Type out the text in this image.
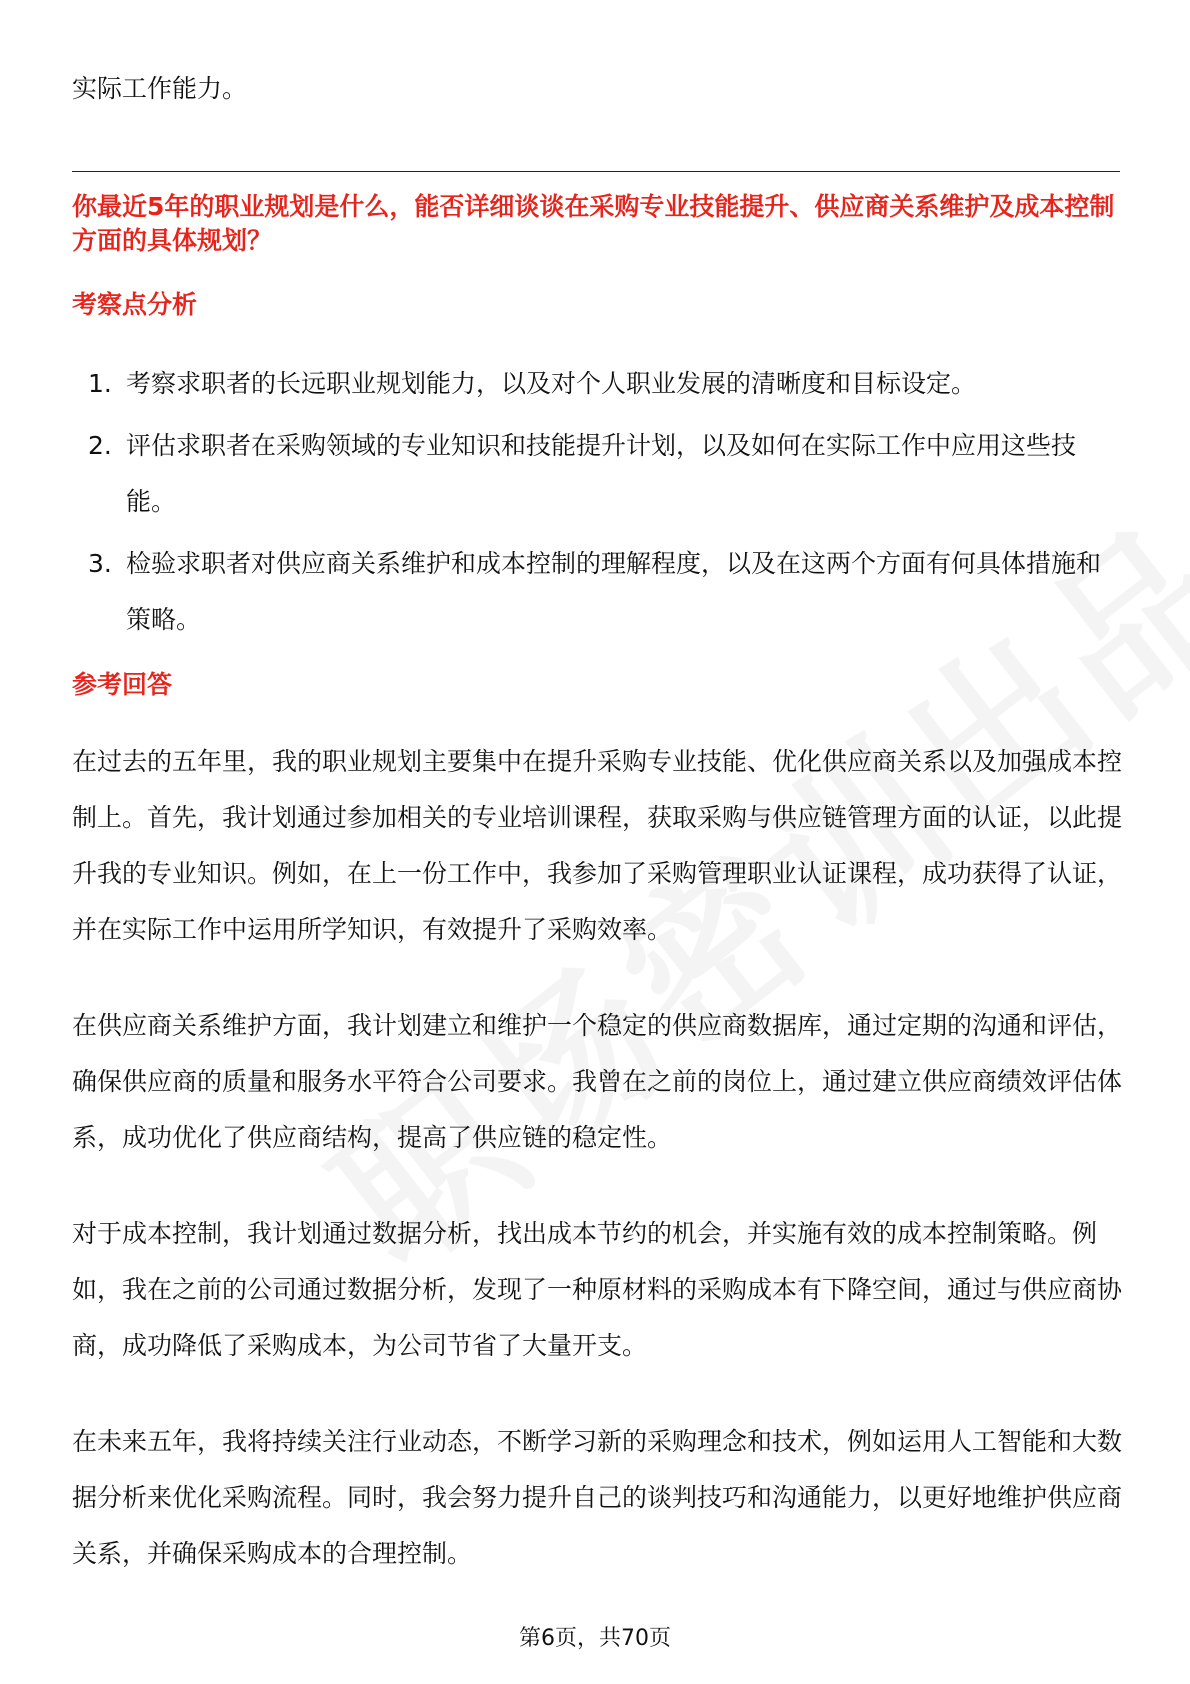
实际工作能力。

你最近5年的职业规划是什么，能否详细谈谈在采购专业技能提升、供应商关系维护及成本控制方面的具体规划？
考察点分析
1. 考察求职者的长远职业规划能力，以及对个人职业发展的清晰度和目标设定。
2. 评估求职者在采购领域的专业知识和技能提升计划，以及如何在实际工作中应用这些技能。
3. 检验求职者对供应商关系维护和成本控制的理解程度，以及在这两个方面有何具体措施和策略。
参考回答

在过去的五年里，我的职业规划主要集中在提升采购专业技能、优化供应商关系以及加强成本控制上。首先，我计划通过参加相关的专业培训课程，获取采购与供应链管理方面的认证，以此提升我的专业知识。例如，在上一份工作中，我参加了采购管理职业认证课程，成功获得了认证，并在实际工作中运用所学知识，有效提升了采购效率。

在供应商关系维护方面，我计划建立和维护一个稳定的供应商数据库，通过定期的沟通和评估，确保供应商的质量和服务水平符合公司要求。我曾在之前的岗位上，通过建立供应商绩效评估体系，成功优化了供应商结构，提高了供应链的稳定性。

对于成本控制，我计划通过数据分析，找出成本节约的机会，并实施有效的成本控制策略。例如，我在之前的公司通过数据分析，发现了一种原材料的采购成本有下降空间，通过与供应商协商，成功降低了采购成本，为公司节省了大量开支。

在未来五年，我将持续关注行业动态，不断学习新的采购理念和技术，例如运用人工智能和大数据分析来优化采购流程。同时，我会努力提升自己的谈判技巧和沟通能力，以更好地维护供应商关系，并确保采购成本的合理控制。

第6页，共70页
